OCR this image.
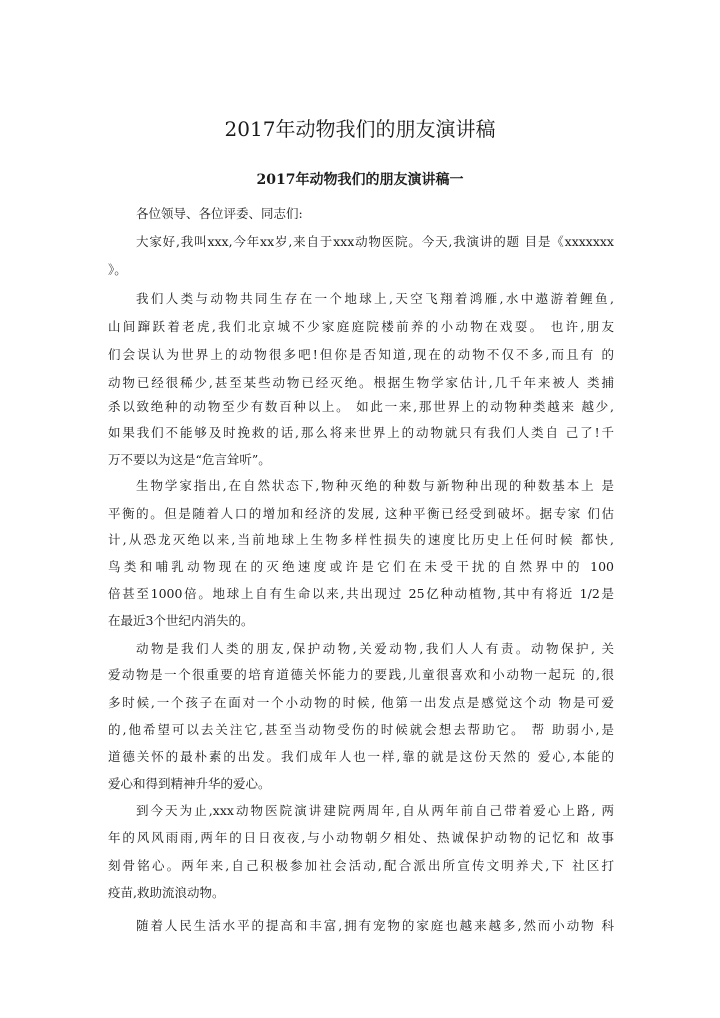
2017年动物我们的朋友演讲稿
2017年动物我们的朋友演讲稿一

各位领导、各位评委、同志们:

大家好,我叫xxx,今年xx岁,来自于xxx动物医院。今天,我演讲的题 目是《xxxxxxx

》。

我们人类与动物共同生存在一个地球上,天空飞翔着鸿雁,水中遨游着鲤鱼,

山间蹿跃着老虎,我们北京城不少家庭庭院楼前养的小动物在戏耍。 也许,朋友

们会误认为世界上的动物很多吧!但你是否知道,现在的动物不仅不多,而且有 的

动物已经很稀少,甚至某些动物已经灭绝。根据生物学家估计,几千年来被人 类捕

杀以致绝种的动物至少有数百种以上。 如此一来,那世界上的动物种类越来 越少,

如果我们不能够及时挽救的话,那么将来世界上的动物就只有我们人类自 己了!千

万不要以为这是“危言耸听”。

生物学家指出,在自然状态下,物种灭绝的种数与新物种出现的种数基本上 是

平衡的。但是随着人口的增加和经济的发展, 这种平衡已经受到破坏。据专家 们估

计,从恐龙灭绝以来,当前地球上生物多样性损失的速度比历史上任何时候 都快,

鸟类和哺乳动物现在的灭绝速度或许是它们在未受干扰的自然界中的 100

倍甚至1000倍。地球上自有生命以来,共出现过 25亿种动植物,其中有将近 1/2是

在最近3个世纪内消失的。

动物是我们人类的朋友,保护动物,关爱动物,我们人人有责。动物保护, 关

爱动物是一个很重要的培育道德关怀能力的要践,儿童很喜欢和小动物一起玩 的,很

多时候,一个孩子在面对一个小动物的时候, 他第一出发点是感觉这个动 物是可爱

的,他希望可以去关注它,甚至当动物受伤的时候就会想去帮助它。 帮 助弱小,是

道德关怀的最朴素的出发。我们成年人也一样,靠的就是这份天然的 爱心,本能的

爱心和得到精神升华的爱心。

到今天为止,xxx动物医院演讲建院两周年,自从两年前自己带着爱心上路, 两

年的风风雨雨,两年的日日夜夜,与小动物朝夕相处、热诚保护动物的记忆和 故事

刻骨铭心。两年来,自己积极参加社会活动,配合派出所宣传文明养犬,下 社区打

疫苗,救助流浪动物。

随着人民生活水平的提高和丰富,拥有宠物的家庭也越来越多,然而小动物 科
